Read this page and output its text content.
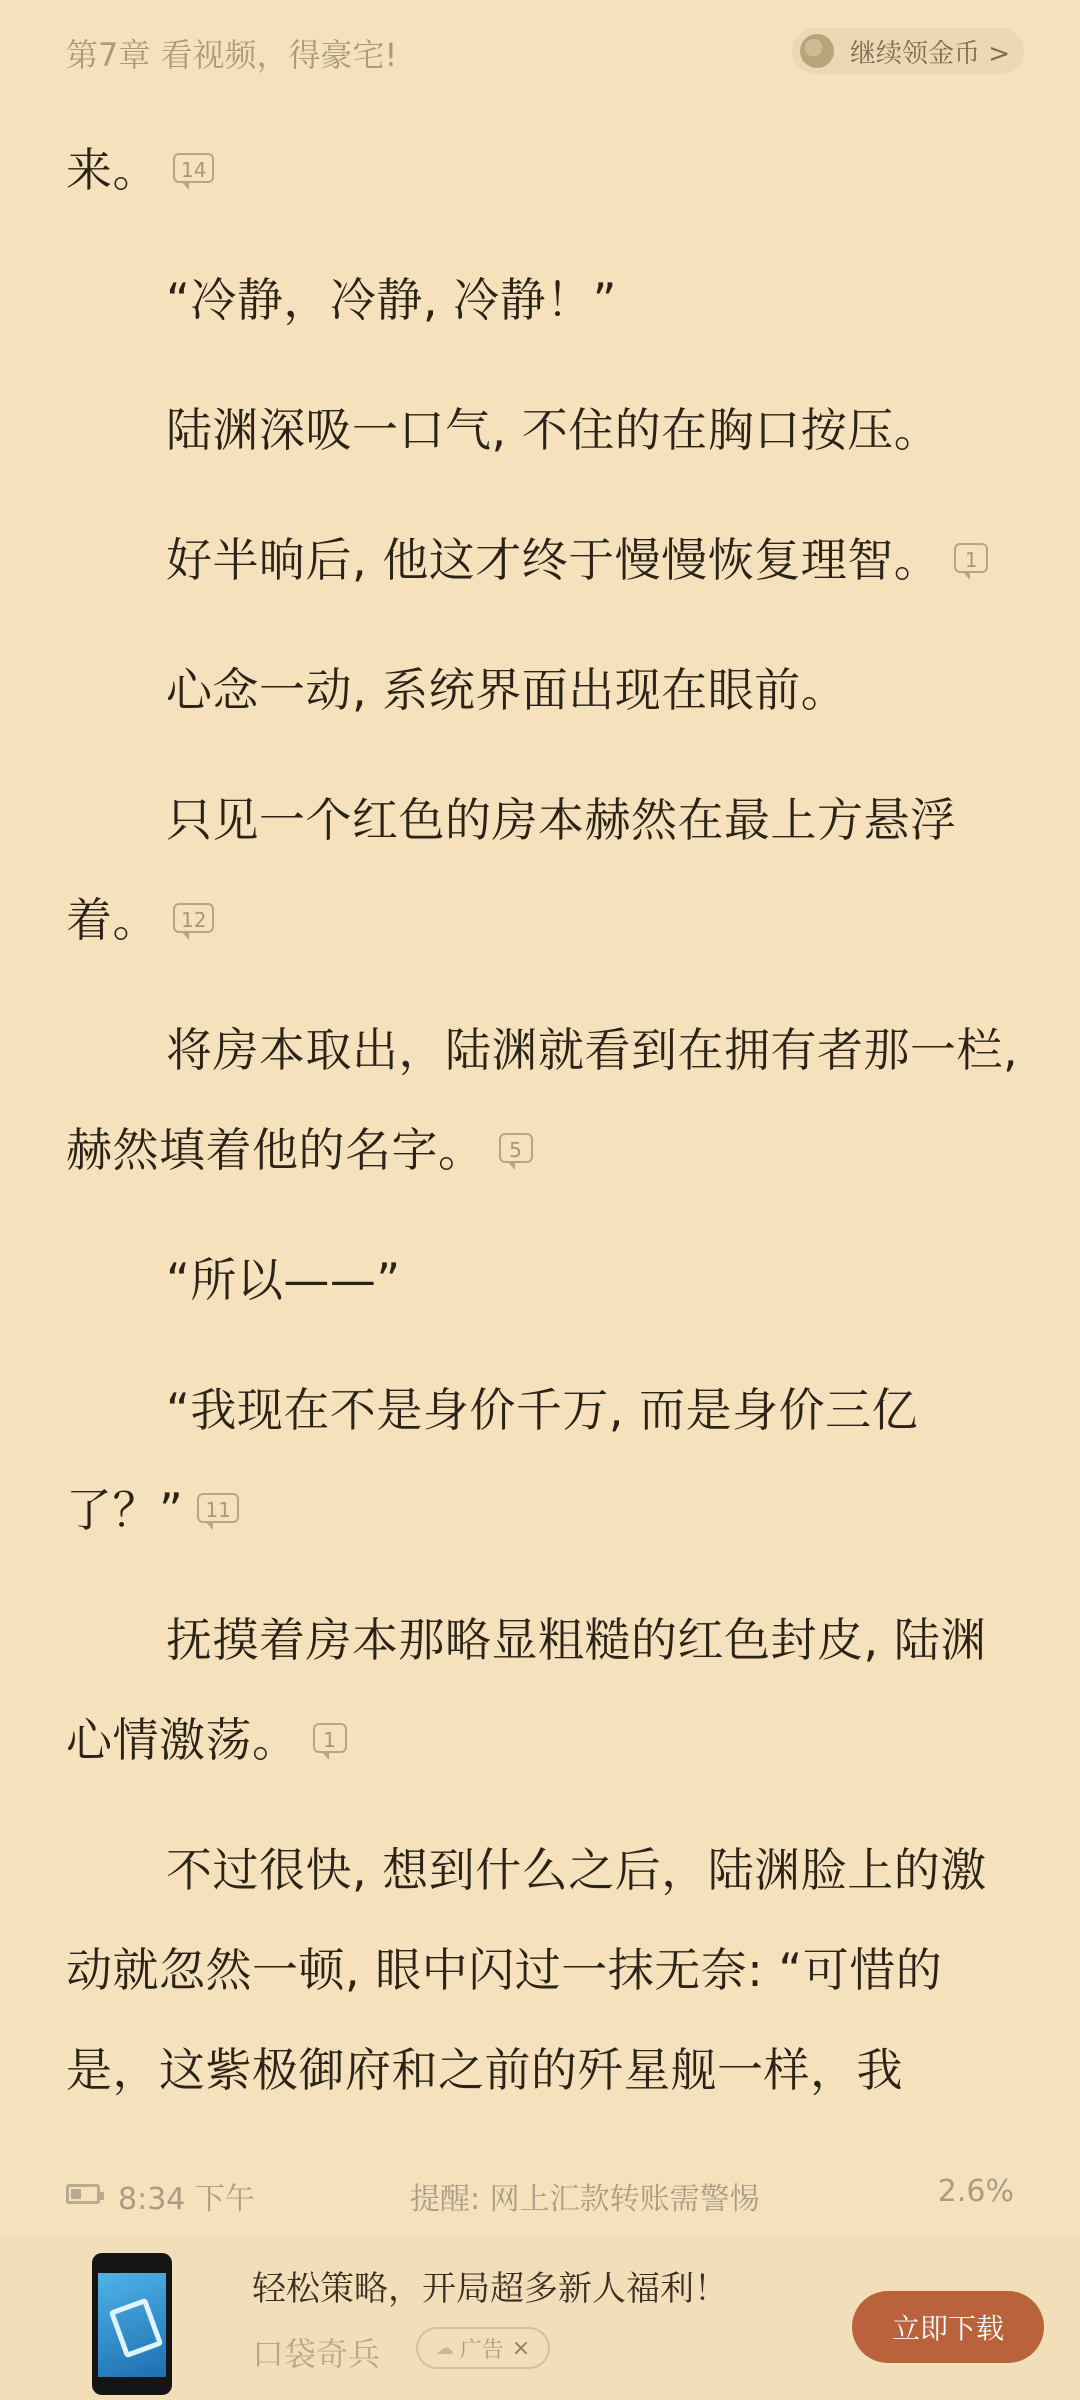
第7章 看视频，得豪宅!	继续领金币 >

来。 14

“冷静，冷静, 冷静！”

陆渊深吸一口气, 不住的在胸口按压。

好半晌后, 他这才终于慢慢恢复理智。 1

心念一动, 系统界面出现在眼前。

只见一个红色的房本赫然在最上方悬浮着。 12

将房本取出，陆渊就看到在拥有者那一栏, 赫然填着他的名字。 5

“所以——”

“我现在不是身价千万, 而是身价三亿了？” 11

抚摸着房本那略显粗糙的红色封皮, 陆渊心情激荡。 1

不过很快, 想到什么之后，陆渊脸上的激动就忽然一顿, 眼中闪过一抹无奈: “可惜的是，这紫极御府和之前的歼星舰一样，我

8:34 下午	提醒: 网上汇款转账需警惕	2.6%
轻松策略，开局超多新人福利！
口袋奇兵	☁ 广告 ×
立即下载
